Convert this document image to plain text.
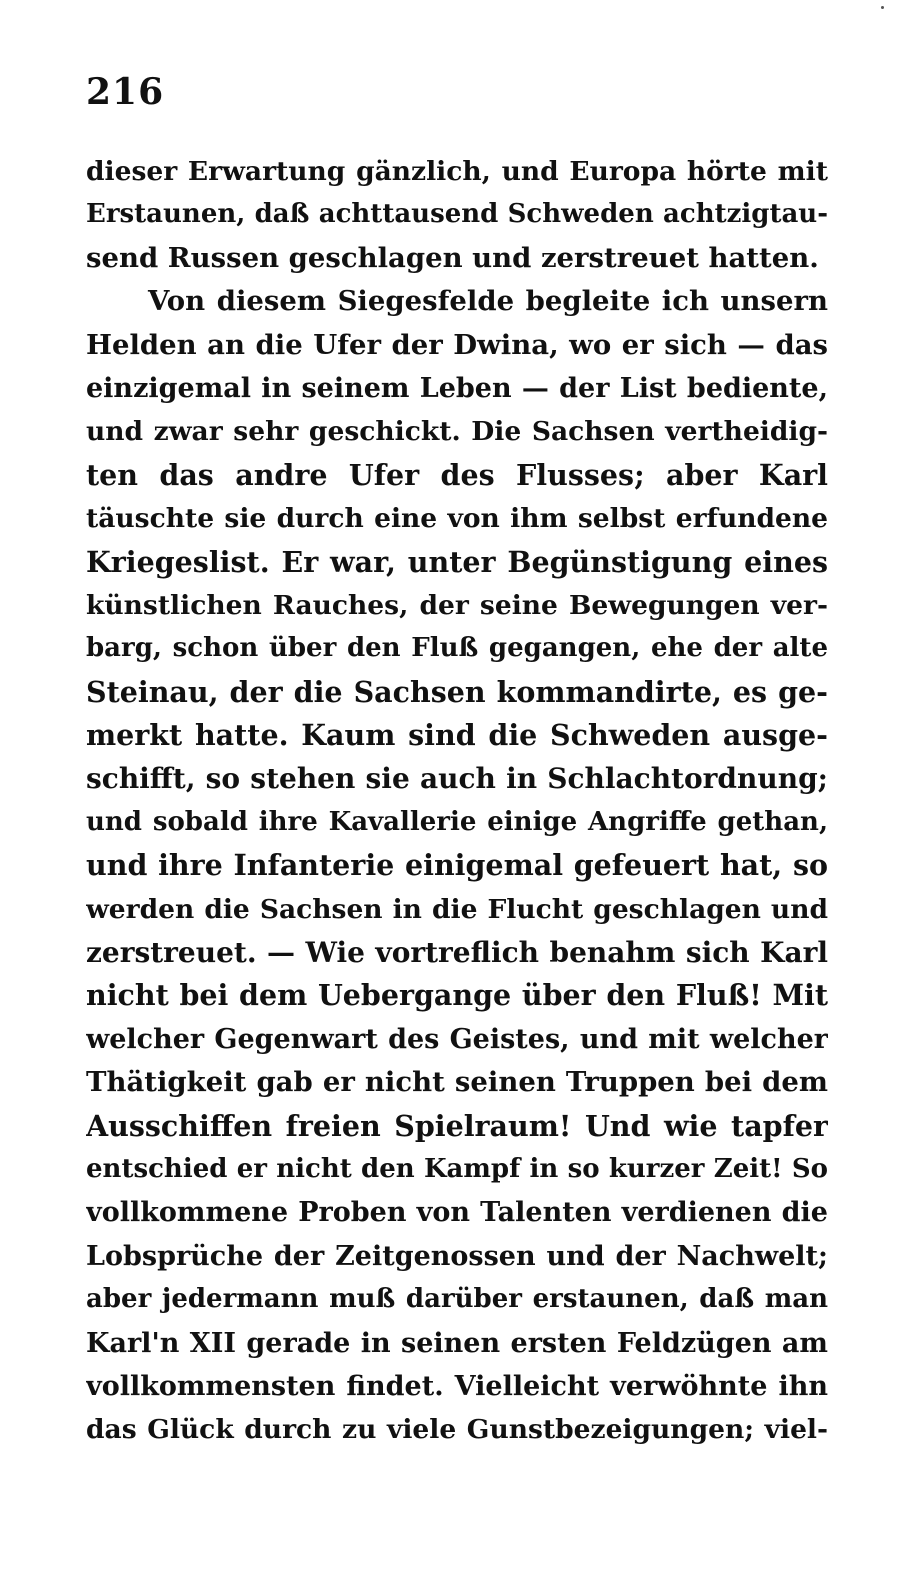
216

dieser Erwartung gänzlich, und Europa hörte mit
Erstaunen, daß achttausend Schweden achtzigtau-
send Russen geschlagen und zerstreuet hatten.
Von diesem Siegesfelde begleite ich unsern
Helden an die Ufer der Dwina, wo er sich — das
einzigemal in seinem Leben — der List bediente,
und zwar sehr geschickt. Die Sachsen vertheidig-
ten das andre Ufer des Flusses; aber Karl
täuschte sie durch eine von ihm selbst erfundene
Kriegeslist. Er war, unter Begünstigung eines
künstlichen Rauches, der seine Bewegungen ver-
barg, schon über den Fluß gegangen, ehe der alte
Steinau, der die Sachsen kommandirte, es ge-
merkt hatte. Kaum sind die Schweden ausge-
schifft, so stehen sie auch in Schlachtordnung;
und sobald ihre Kavallerie einige Angriffe gethan,
und ihre Infanterie einigemal gefeuert hat, so
werden die Sachsen in die Flucht geschlagen und
zerstreuet. — Wie vortreflich benahm sich Karl
nicht bei dem Uebergange über den Fluß! Mit
welcher Gegenwart des Geistes, und mit welcher
Thätigkeit gab er nicht seinen Truppen bei dem
Ausschiffen freien Spielraum! Und wie tapfer
entschied er nicht den Kampf in so kurzer Zeit! So
vollkommene Proben von Talenten verdienen die
Lobsprüche der Zeitgenossen und der Nachwelt;
aber jedermann muß darüber erstaunen, daß man
Karl'n XII gerade in seinen ersten Feldzügen am
vollkommensten findet. Vielleicht verwöhnte ihn
das Glück durch zu viele Gunstbezeigungen; viel-
